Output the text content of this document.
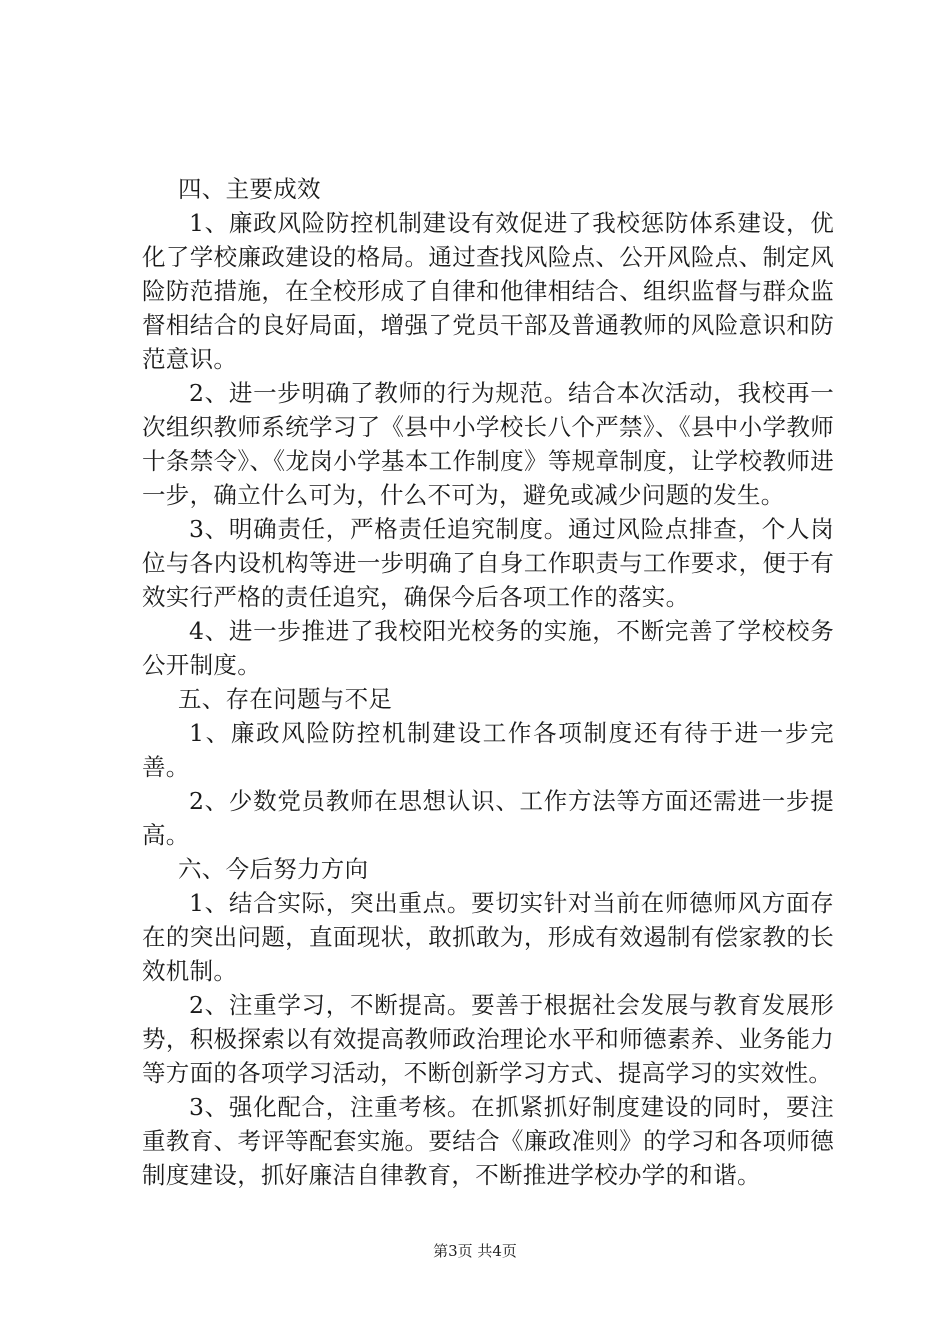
四、主要成效

1、廉政风险防控机制建设有效促进了我校惩防体系建设，优化了学校廉政建设的格局。通过查找风险点、公开风险点、制定风险防范措施，在全校形成了自律和他律相结合、组织监督与群众监督相结合的良好局面，增强了党员干部及普通教师的风险意识和防范意识。

2、进一步明确了教师的行为规范。结合本次活动，我校再一次组织教师系统学习了《县中小学校长八个严禁》、《县中小学教师十条禁令》、《龙岗小学基本工作制度》等规章制度，让学校教师进一步，确立什么可为，什么不可为，避免或减少问题的发生。

3、明确责任，严格责任追究制度。通过风险点排查，个人岗位与各内设机构等进一步明确了自身工作职责与工作要求，便于有效实行严格的责任追究，确保今后各项工作的落实。

4、进一步推进了我校阳光校务的实施，不断完善了学校校务公开制度。

五、存在问题与不足

1、廉政风险防控机制建设工作各项制度还有待于进一步完善。

2、少数党员教师在思想认识、工作方法等方面还需进一步提高。

六、今后努力方向

1、结合实际，突出重点。要切实针对当前在师德师风方面存在的突出问题，直面现状，敢抓敢为，形成有效遏制有偿家教的长效机制。

2、注重学习，不断提高。要善于根据社会发展与教育发展形势，积极探索以有效提高教师政治理论水平和师德素养、业务能力等方面的各项学习活动，不断创新学习方式、提高学习的实效性。

3、强化配合，注重考核。在抓紧抓好制度建设的同时，要注重教育、考评等配套实施。要结合《廉政准则》的学习和各项师德制度建设，抓好廉洁自律教育，不断推进学校办学的和谐。

第3页 共4页
